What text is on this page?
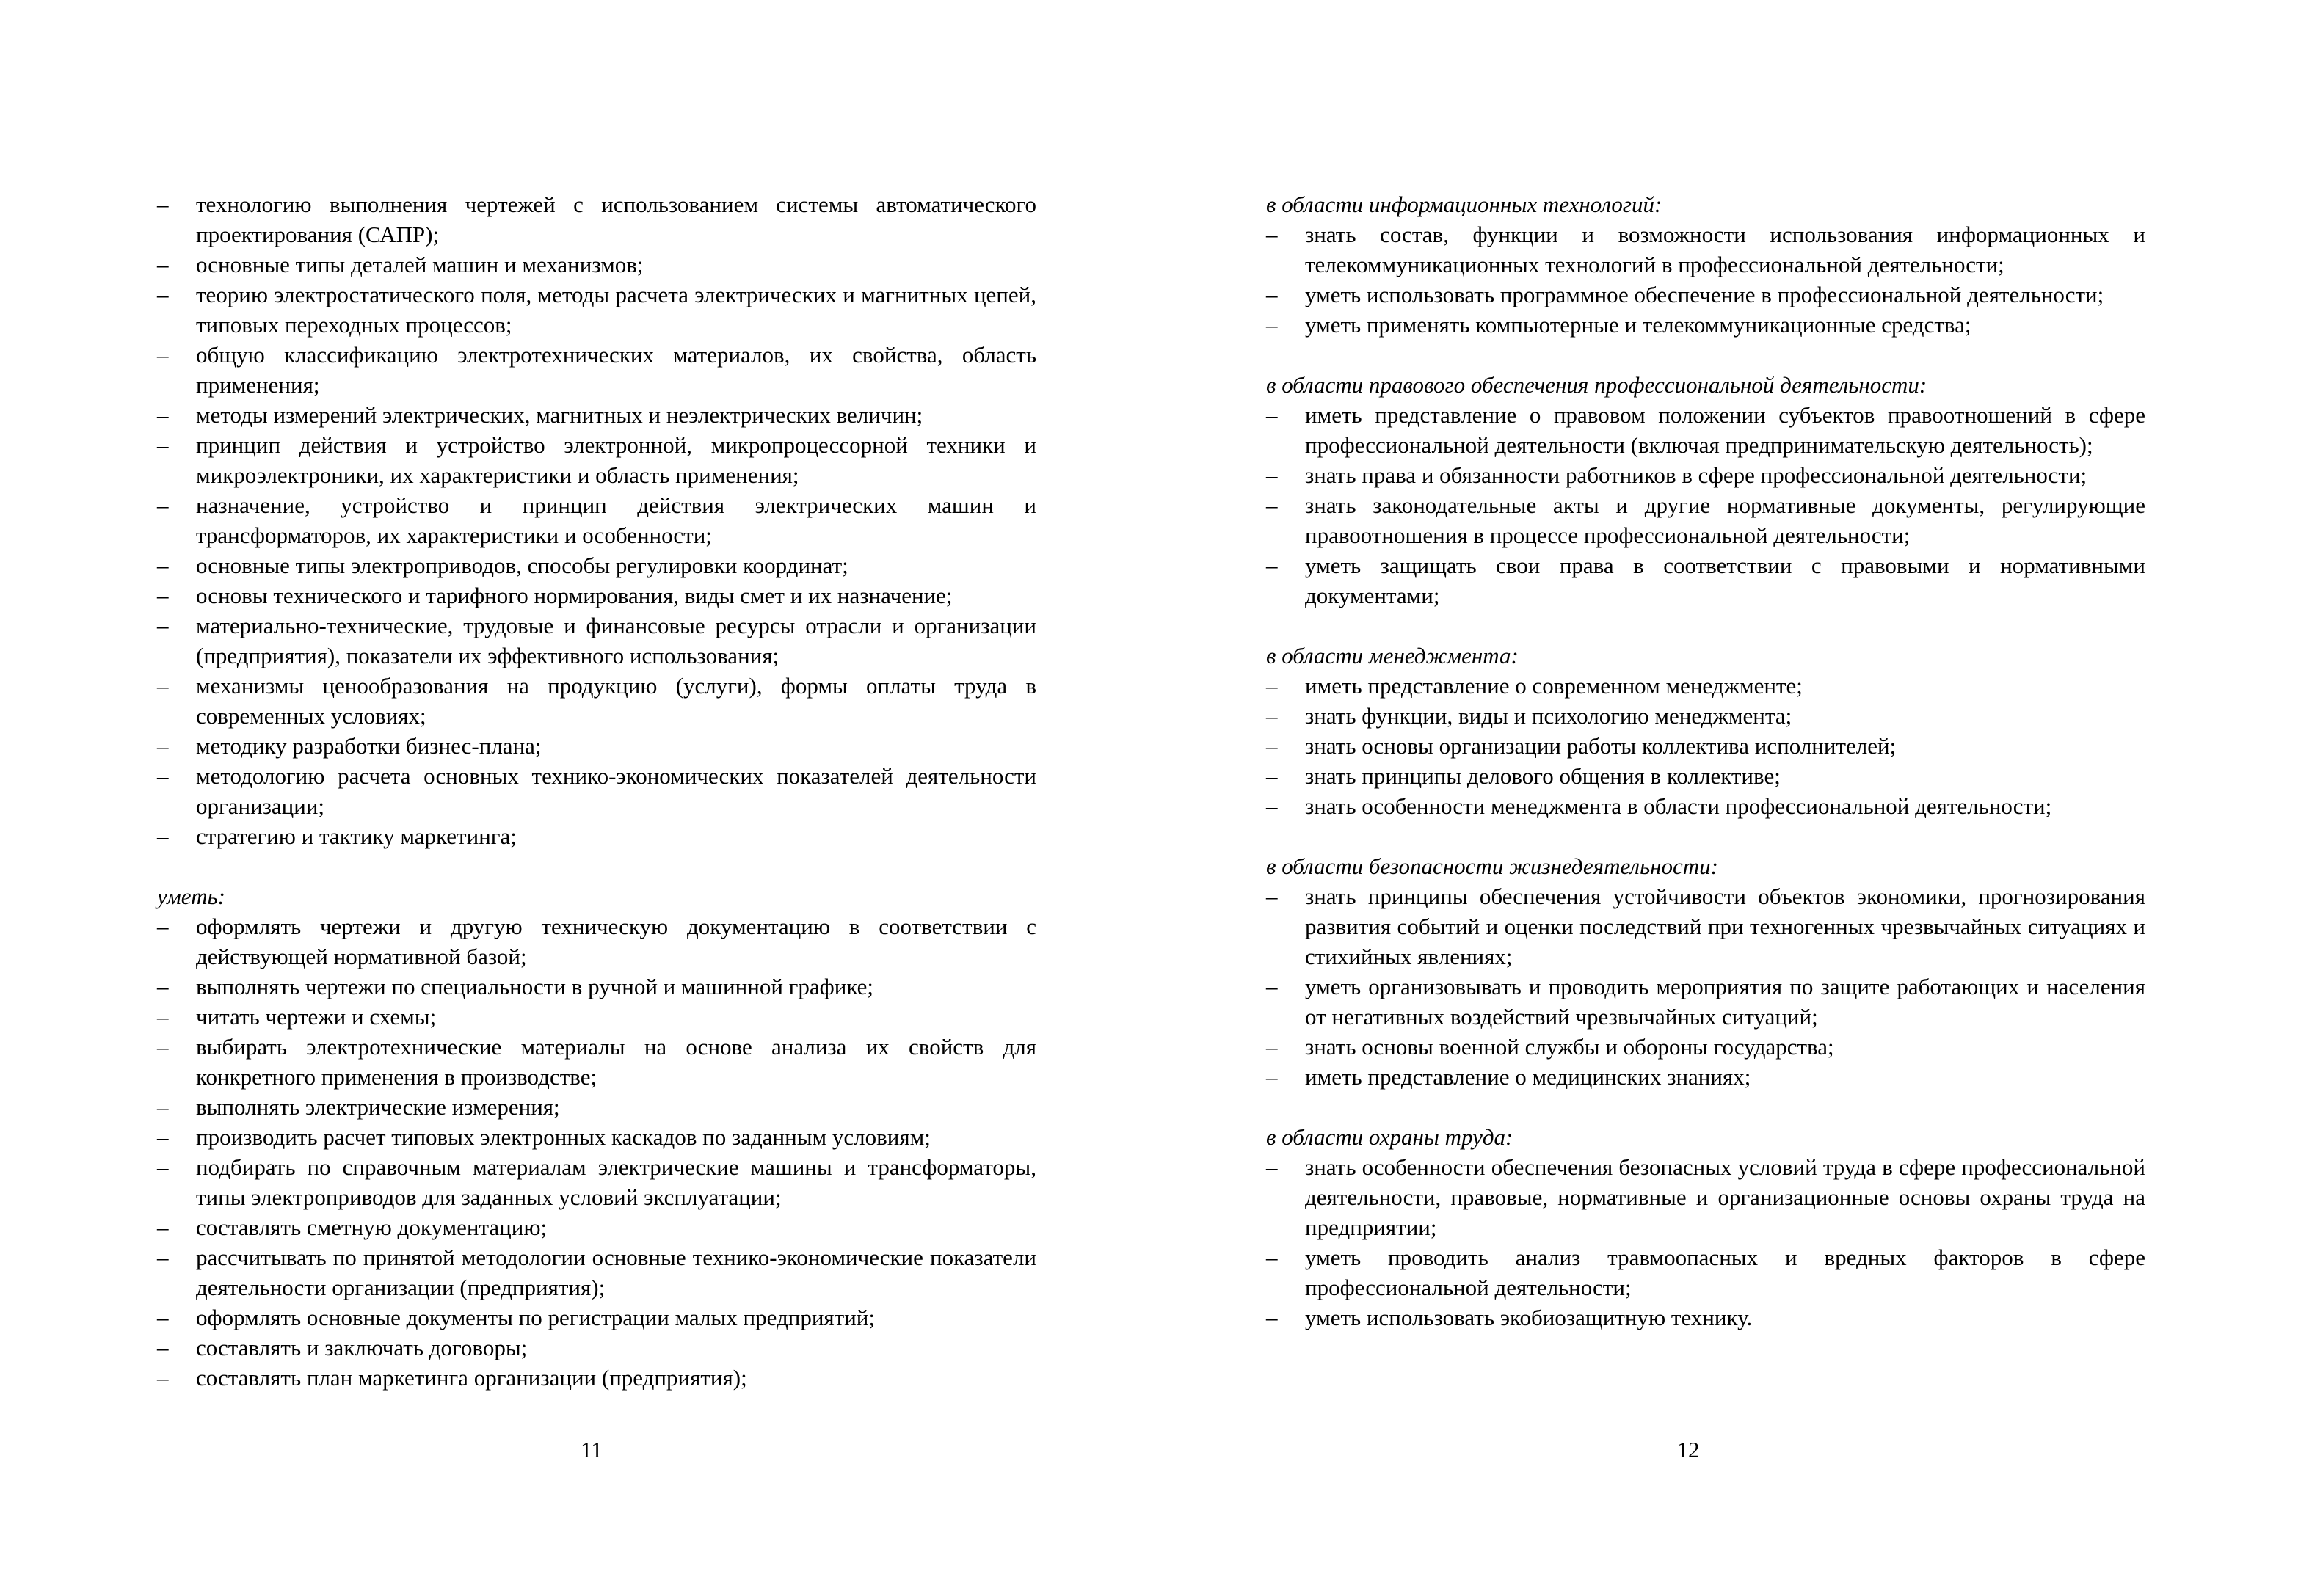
– технологию выполнения чертежей с использованием системы автоматического проектирования (САПР);
– основные типы деталей машин и механизмов;
– теорию электростатического поля, методы расчета электрических и магнитных цепей, типовых переходных процессов;
– общую классификацию электротехнических материалов, их свойства, область применения;
– методы измерений электрических, магнитных и неэлектрических величин;
– принцип действия и устройство электронной, микропроцессорной техники и микроэлектроники, их характеристики и область применения;
– назначение, устройство и принцип действия электрических машин и трансформаторов, их характеристики и особенности;
– основные типы электроприводов, способы регулировки координат;
– основы технического и тарифного нормирования, виды смет и их назначение;
– материально-технические, трудовые и финансовые ресурсы отрасли и организации (предприятия), показатели их эффективного использования;
– механизмы ценообразования на продукцию (услуги), формы оплаты труда в современных условиях;
– методику разработки бизнес-плана;
– методологию расчета основных технико-экономических показателей деятельности организации;
– стратегию и тактику маркетинга;

уметь:

– оформлять чертежи и другую техническую документацию в соответствии с действующей нормативной базой;
– выполнять чертежи по специальности в ручной и машинной графике;
– читать чертежи и схемы;
– выбирать электротехнические материалы на основе анализа их свойств для конкретного применения в производстве;
– выполнять электрические измерения;
– производить расчет типовых электронных каскадов по заданным условиям;
– подбирать по справочным материалам электрические машины и трансформаторы, типы электроприводов для заданных условий эксплуатации;
– составлять сметную документацию;
– рассчитывать по принятой методологии основные технико-экономические показатели деятельности организации (предприятия);
– оформлять основные документы по регистрации малых предприятий;
– составлять и заключать договоры;
– составлять план маркетинга организации (предприятия);
11

в области информационных технологий:

– знать состав, функции и возможности использования информационных и телекоммуникационных технологий в профессиональной деятельности;
– уметь использовать программное обеспечение в профессиональной деятельности;
– уметь применять компьютерные и телекоммуникационные средства;

в области правового обеспечения профессиональной деятельности:

– иметь представление о правовом положении субъектов правоотношений в сфере профессиональной деятельности (включая предпринимательскую деятельность);
– знать права и обязанности работников в сфере профессиональной деятельности;
– знать законодательные акты и другие нормативные документы, регулирующие правоотношения в процессе профессиональной деятельности;
– уметь защищать свои права в соответствии с правовыми и нормативными документами;

в области менеджмента:

– иметь представление о современном менеджменте;
– знать функции, виды и психологию менеджмента;
– знать основы организации работы коллектива исполнителей;
– знать принципы делового общения в коллективе;
– знать особенности менеджмента в области профессиональной деятельности;

в области безопасности жизнедеятельности:

– знать принципы обеспечения устойчивости объектов экономики, прогнозирования развития событий и оценки последствий при техногенных чрезвычайных ситуациях и стихийных явлениях;
– уметь организовывать и проводить мероприятия по защите работающих и населения от негативных воздействий чрезвычайных ситуаций;
– знать основы военной службы и обороны государства;
– иметь представление о медицинских знаниях;

в области охраны труда:

– знать особенности обеспечения безопасных условий труда в сфере профессиональной деятельности, правовые, нормативные и организационные основы охраны труда на предприятии;
– уметь проводить анализ травмоопасных и вредных факторов в сфере профессиональной деятельности;
– уметь использовать экобиозащитную технику.
12
